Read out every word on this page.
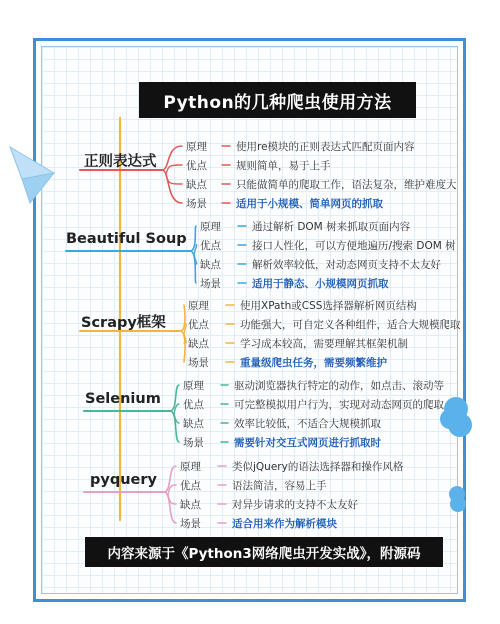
Python的几种爬虫使用方法
正则表达式
原理	使用re模块的正则表达式匹配页面内容
优点	规则简单，易于上手
缺点	只能做简单的爬取工作，语法复杂，维护难度大
场景	适用于小规模、简单网页的抓取
Beautiful Soup
原理	通过解析 DOM 树来抓取页面内容
优点	接口人性化，可以方便地遍历/搜索 DOM 树
缺点	解析效率较低，对动态网页支持不太友好
场景	适用于静态、小规模网页抓取
Scrapy框架
原理	使用XPath或CSS选择器解析网页结构
优点	功能强大，可自定义各种组件，适合大规模爬取
缺点	学习成本较高，需要理解其框架机制
场景	重量级爬虫任务，需要频繁维护
Selenium
原理	驱动浏览器执行特定的动作，如点击、滚动等
优点	可完整模拟用户行为，实现对动态网页的爬取
缺点	效率比较低，不适合大规模抓取
场景	需要针对交互式网页进行抓取时
pyquery
原理	类似jQuery的语法选择器和操作风格
优点	语法简洁，容易上手
缺点	对异步请求的支持不太友好
场景	适合用来作为解析模块
内容来源于《Python3网络爬虫开发实战》，附源码
